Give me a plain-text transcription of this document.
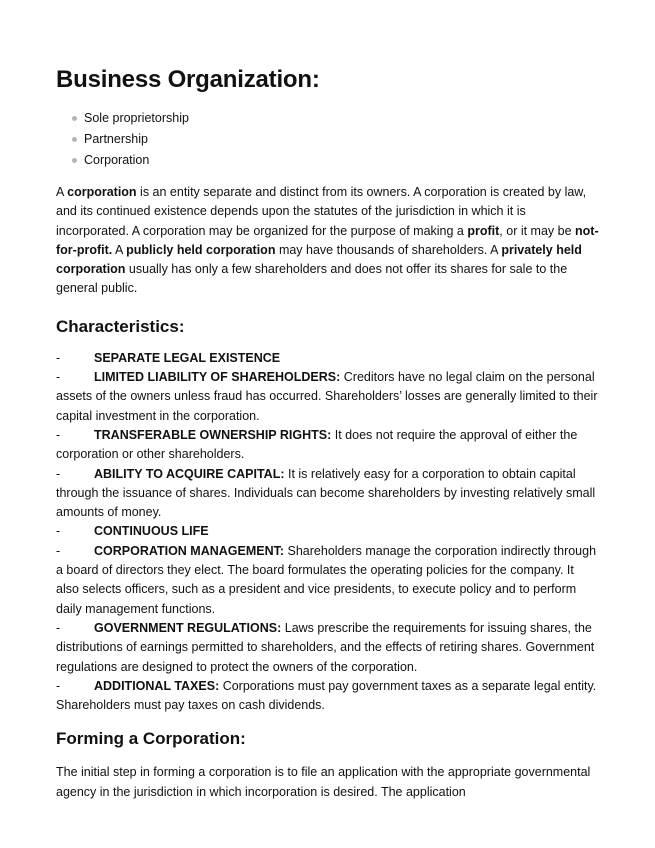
Business Organization:
Sole proprietorship
Partnership
Corporation

A corporation is an entity separate and distinct from its owners. A corporation is created by law, and its continued existence depends upon the statutes of the jurisdiction in which it is incorporated. A corporation may be organized for the purpose of making a profit, or it may be not-for-profit. A publicly held corporation may have thousands of shareholders. A privately held corporation usually has only a few shareholders and does not offer its shares for sale to the general public.

Characteristics:
-	SEPARATE LEGAL EXISTENCE
-	LIMITED LIABILITY OF SHAREHOLDERS: Creditors have no legal claim on the personal assets of the owners unless fraud has occurred. Shareholders’ losses are generally limited to their capital investment in the corporation.
-	TRANSFERABLE OWNERSHIP RIGHTS: It does not require the approval of either the corporation or other shareholders.
-	ABILITY TO ACQUIRE CAPITAL: It is relatively easy for a corporation to obtain capital through the issuance of shares. Individuals can become shareholders by investing relatively small amounts of money.
-	CONTINUOUS LIFE
-	CORPORATION MANAGEMENT: Shareholders manage the corporation indirectly through a board of directors they elect. The board formulates the operating policies for the company. It also selects officers, such as a president and vice presidents, to execute policy and to perform daily management functions.
-	GOVERNMENT REGULATIONS: Laws prescribe the requirements for issuing shares, the distributions of earnings permitted to shareholders, and the effects of retiring shares. Government regulations are designed to protect the owners of the corporation.
-	ADDITIONAL TAXES: Corporations must pay government taxes as a separate legal entity. Shareholders must pay taxes on cash dividends.
Forming a Corporation:

The initial step in forming a corporation is to file an application with the appropriate governmental agency in the jurisdiction in which incorporation is desired. The application
